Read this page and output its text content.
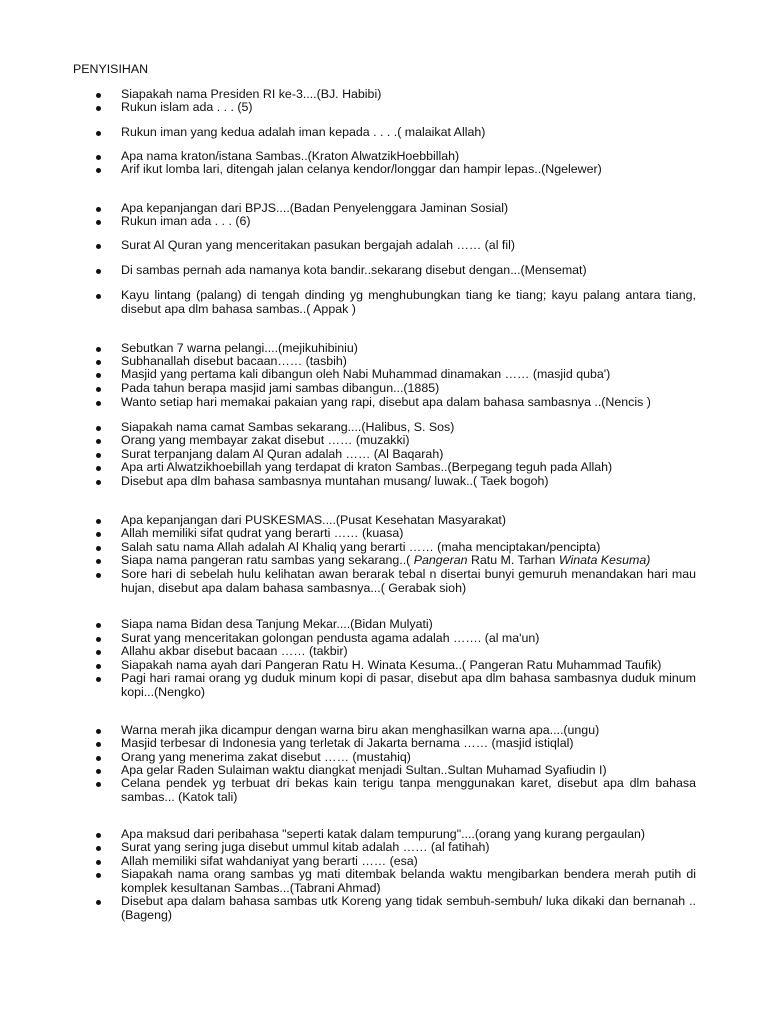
PENYISIHAN
Siapakah nama Presiden RI ke-3....(BJ. Habibi)
Rukun islam ada . . . (5)
Rukun iman yang kedua adalah iman kepada . . . .( malaikat Allah)
Apa nama kraton/istana Sambas..(Kraton AlwatzikHoebbillah)
Arif ikut lomba lari, ditengah jalan celanya kendor/longgar dan hampir lepas..(Ngelewer)
Apa kepanjangan dari BPJS....(Badan Penyelenggara Jaminan Sosial)
Rukun iman ada . . . (6)
Surat Al Quran yang menceritakan pasukan bergajah adalah …… (al fil)
Di sambas pernah ada namanya kota bandir..sekarang disebut dengan...(Mensemat)
Kayu lintang (palang) di tengah dinding yg menghubungkan tiang ke tiang; kayu palang antara tiang, disebut apa dlm bahasa sambas..( Appak )
Sebutkan 7 warna pelangi....(mejikuhibiniu)
Subhanallah disebut bacaan…… (tasbih)
Masjid yang pertama kali dibangun oleh Nabi Muhammad dinamakan …… (masjid quba')
Pada tahun berapa masjid jami sambas dibangun...(1885)
Wanto setiap hari memakai pakaian yang rapi, disebut apa dalam bahasa sambasnya ..(Nencis )
Siapakah nama camat Sambas sekarang....(Halibus, S. Sos)
Orang yang membayar zakat disebut …… (muzakki)
Surat terpanjang dalam Al Quran adalah …… (Al Baqarah)
Apa arti Alwatzikhoebillah yang terdapat di kraton Sambas..(Berpegang teguh pada Allah)
Disebut apa dlm bahasa sambasnya muntahan musang/ luwak..( Taek bogoh)
Apa kepanjangan dari PUSKESMAS....(Pusat Kesehatan Masyarakat)
Allah memiliki sifat qudrat yang berarti …… (kuasa)
Salah satu nama Allah adalah Al Khaliq yang berarti …… (maha menciptakan/pencipta)
Siapa nama pangeran ratu sambas yang sekarang..( Pangeran Ratu M. Tarhan Winata Kesuma)
Sore hari di sebelah hulu kelihatan awan berarak tebal n disertai bunyi gemuruh menandakan hari mau hujan, disebut apa dalam bahasa sambasnya...( Gerabak sioh)
Siapa nama Bidan desa Tanjung Mekar....(Bidan Mulyati)
Surat yang menceritakan golongan pendusta agama adalah ……. (al ma'un)
Allahu akbar disebut bacaan …… (takbir)
Siapakah nama ayah dari Pangeran Ratu H. Winata Kesuma..( Pangeran Ratu Muhammad Taufik)
Pagi hari ramai orang yg duduk minum kopi di pasar, disebut apa dlm bahasa sambasnya duduk minum kopi...(Nengko)
Warna merah jika dicampur dengan warna biru akan menghasilkan warna apa....(ungu)
Masjid terbesar di Indonesia yang terletak di Jakarta bernama …… (masjid istiqlal)
Orang yang menerima zakat disebut …… (mustahiq)
Apa gelar Raden Sulaiman waktu diangkat menjadi Sultan..Sultan Muhamad Syafiudin I)
Celana pendek yg terbuat dri bekas kain terigu tanpa menggunakan karet, disebut apa dlm bahasa sambas... (Katok tali)
Apa maksud dari peribahasa "seperti katak dalam tempurung"....(orang yang kurang pergaulan)
Surat yang sering juga disebut ummul kitab adalah …… (al fatihah)
Allah memiliki sifat wahdaniyat yang berarti …… (esa)
Siapakah nama orang sambas yg mati ditembak belanda waktu mengibarkan bendera merah putih di komplek kesultanan Sambas...(Tabrani Ahmad)
Disebut apa dalam bahasa sambas utk Koreng yang tidak sembuh-sembuh/ luka dikaki dan bernanah ..(Bageng)
